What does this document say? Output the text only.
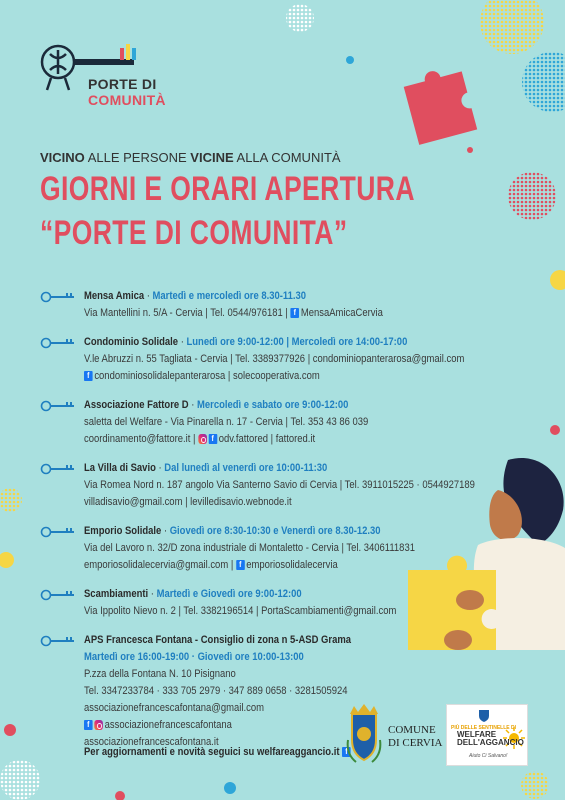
PORTE DI
COMUNITÀ
VICINO ALLE PERSONE VICINE ALLA COMUNITÀ
GIORNI E ORARI APERTURA
“PORTE DI COMUNITA”
Mensa Amica · Martedì e mercoledì ore 8.30-11.30
Via Mantellini n. 5/A - Cervia | Tel. 0544/976181 | f MensaAmicaCervia
Condominio Solidale · Lunedì ore 9:00-12:00 | Mercoledì ore 14:00-17:00
V.le Abruzzi n. 55 Tagliata - Cervia | Tel. 3389377926 | condominiopanterarosa@gmail.com
f condominiosolidalepanterarosa | solecooperativa.com
Associazione Fattore D · Mercoledì e sabato ore 9:00-12:00
saletta del Welfare - Via Pinarella n. 17 - Cervia | Tel. 353 43 86 039
coordinamento@fattore.it | f odv.fattored | fattored.it
La Villa di Savio · Dal lunedì al venerdì ore 10:00-11:30
Via Romea Nord n. 187 angolo Via Santerno Savio di Cervia | Tel. 3911015225 · 0544927189
villadisavio@gmail.com | levilledisavio.webnode.it
Emporio Solidale · Giovedì ore 8:30-10:30 e Venerdì ore 8.30-12.30
Via del Lavoro n. 32/D zona industriale di Montaletto - Cervia | Tel. 3406111831
emporiosolidalecervia@gmail.com | f emporiosolidalecervia
Scambiamenti · Martedì e Giovedì ore 9:00-12:00
Via Ippolito Nievo n. 2 | Tel. 3382196514 | PortaScambiamenti@gmail.com
APS Francesca Fontana - Consiglio di zona n 5-ASD Grama
Martedì ore 16:00-19:00 · Giovedì ore 10:00-13:00
P.zza della Fontana N. 10 Pisignano
Tel. 3347233784 · 333 705 2979 · 347 889 0658 · 3281505924
associazionefrancescafontana@gmail.com
f associazionefrancescafontana
associazionefrancescafontana.it
Per aggiornamenti e novità seguici su welfareaggancio.it f
COMUNE
DI CERVIA
PIÙ DELLE SENTINELLE DI
WELFARE
DELL'AGGANCIO
Aiuto Ci Salvano!
